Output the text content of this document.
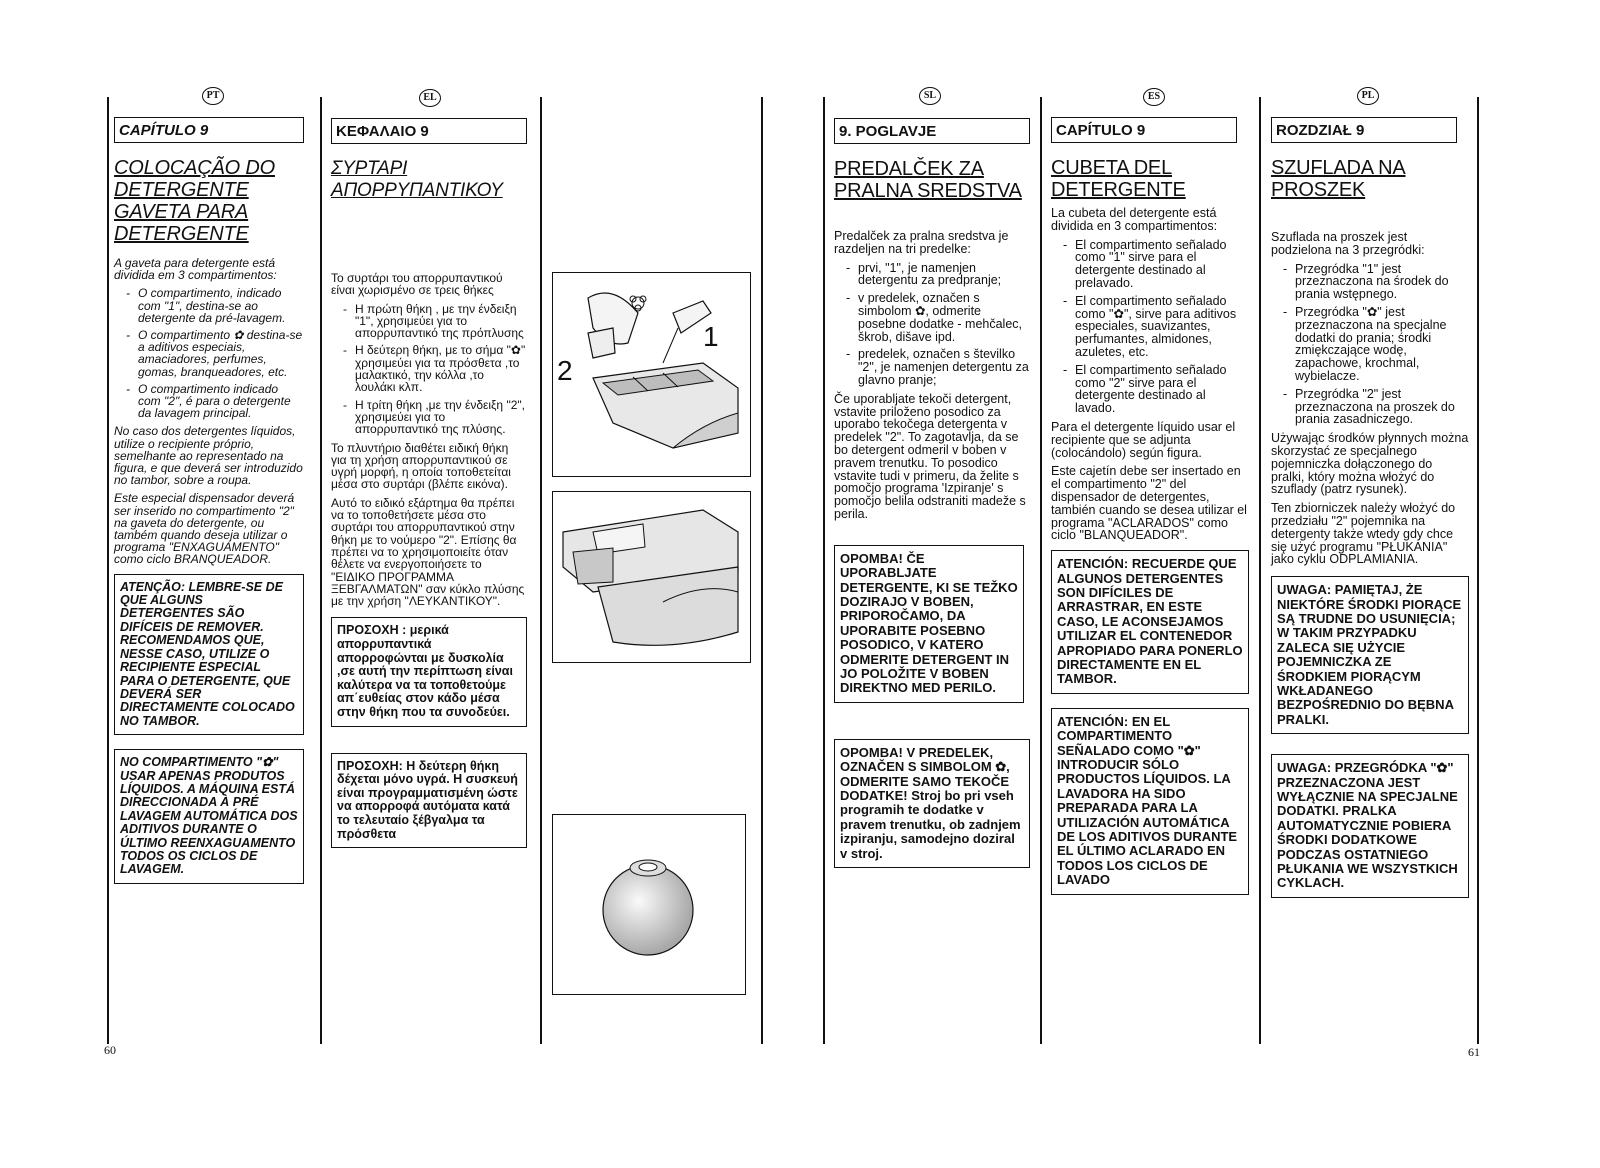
PT	EL	SL	ES	PL
CAPÍTULO 9
COLOCAÇÃO DO DETERGENTE GAVETA PARA DETERGENTE

A gaveta para detergente está dividida em 3 compartimentos:

- O compartimento, indicado com "1", destina-se ao detergente da pré-lavagem.
- O compartimento ✿ destina-se a aditivos especiais, amaciadores, perfumes, gomas, branqueadores, etc.
- O compartimento indicado com "2", é para o detergente da lavagem principal.

No caso dos detergentes líquidos, utilize o recipiente próprio, semelhante ao representado na figura, e que deverá ser introduzido no tambor, sobre a roupa.

Este especial dispensador deverá ser inserido no compartimento "2" na gaveta do detergente, ou também quando deseja utilizar o programa "ENXAGUAMENTO" como ciclo BRANQUEADOR.

ATENÇÃO: LEMBRE-SE DE QUE ALGUNS DETERGENTES SÃO DIFÍCEIS DE REMOVER. RECOMENDAMOS QUE, NESSE CASO, UTILIZE O RECIPIENTE ESPECIAL PARA O DETERGENTE, QUE DEVERÁ SER DIRECTAMENTE COLOCADO NO TAMBOR.
NO COMPARTIMENTO "✿" USAR APENAS PRODUTOS LÍQUIDOS. A MÁQUINA ESTÁ DIRECCIONADA À PRÉ LAVAGEM AUTOMÁTICA DOS ADITIVOS DURANTE O ÚLTIMO REENXAGUAMENTO TODOS OS CICLOS DE LAVAGEM.
ΚΕΦΑΛΑΙΟ 9
ΣΥΡΤΑΡΙ ΑΠΟΡΡΥΠΑΝΤΙΚΟΥ

Το συρτάρι του απορρυπαντικού είναι χωρισμένο σε τρεις θήκες

- Η πρώτη θήκη , με την ένδειξη "1", χρησιμεύει για το απορρυπαντικό της πρόπλυσης
- Η δεύτερη θήκη, με το σήμα "✿" χρησιμεύει για τα πρόσθετα ,το μαλακτικό, την κόλλα ,το λουλάκι κλπ.
- Η τρίτη θήκη ,με την ένδειξη "2", χρησιμεύει για το απορρυπαντικό της πλύσης.

Το πλυντήριο διαθέτει ειδική θήκη για τη χρήση απορρυπαντικού σε υγρή μορφή, η οποία τοποθετείται μέσα στο συρτάρι (βλέπε εικόνα).

Αυτό το ειδικό εξάρτημα θα πρέπει να το τοποθετήσετε μέσα στο συρτάρι του απορρυπαντικού στην θήκη με το νούμερο "2". Επίσης θα πρέπει να το χρησιμοποιείτε όταν θέλετε να ενεργοποιήσετε το "ΕΙΔΙΚΟ ΠΡΟΓΡΑΜΜΑ ΞΕΒΓΑΛΜΑΤΩΝ" σαν κύκλο πλύσης με την χρήση "ΛΕΥΚΑΝΤΙΚΟΥ".

ΠΡΟΣΟΧΗ : μερικά απορρυπαντικά απορροφώνται με δυσκολία ,σε αυτή την περίπτωση είναι καλύτερα να τα τοποθετούμε απ΄ευθείας στον κάδο μέσα στην θήκη που τα συνοδεύει.
ΠΡΟΣΟΧΗ: Η δεύτερη θήκη δέχεται μόνο υγρά. Η συσκευή είναι προγραμματισμένη ώστε να απορροφά αυτόματα κατά το τελευταίο ξέβγαλμα τα πρόσθετα
1
2
9. POGLAVJE
PREDALČEK ZA PRALNA SREDSTVA

Predalček za pralna sredstva je razdeljen na tri predelke:

- prvi, "1", je namenjen detergentu za predpranje;
- v predelek, označen s simbolom ✿, odmerite posebne dodatke - mehčalec, škrob, dišave ipd.
- predelek, označen s številko "2", je namenjen detergentu za glavno pranje;

Če uporabljate tekoči detergent, vstavite priloženo posodico za uporabo tekočega detergenta v predelek "2". To zagotavlja, da se bo detergent odmeril v boben v pravem trenutku. To posodico vstavite tudi v primeru, da želite s pomočjo programa 'Izpiranje' s pomočjo belila odstraniti madeže s perila.

OPOMBA! ČE UPORABLJATE DETERGENTE, KI SE TEŽKO DOZIRAJO V BOBEN, PRIPOROČAMO, DA UPORABITE POSEBNO POSODICO, V KATERO ODMERITE DETERGENT IN JO POLOŽITE V BOBEN DIREKTNO MED PERILO.
OPOMBA! V PREDELEK, OZNAČEN S SIMBOLOM ✿, ODMERITE SAMO TEKOČE DODATKE! Stroj bo pri vseh programih te dodatke v pravem trenutku, ob zadnjem izpiranju, samodejno doziral v stroj.
CAPÍTULO 9
CUBETA DEL DETERGENTE

La cubeta del detergente está dividida en 3 compartimentos:

- El compartimento señalado como "1" sirve para el detergente destinado al prelavado.
- El compartimento señalado como "✿", sirve para aditivos especiales, suavizantes, perfumantes, almidones, azuletes, etc.
- El compartimento señalado como "2" sirve para el detergente destinado al lavado.

Para el detergente líquido usar el recipiente que se adjunta (colocándolo) según figura.

Este cajetín debe ser insertado en el compartimento "2" del dispensador de detergentes, también cuando se desea utilizar el programa "ACLARADOS" como ciclo "BLANQUEADOR".

ATENCIÓN: RECUERDE QUE ALGUNOS DETERGENTES SON DIFÍCILES DE ARRASTRAR, EN ESTE CASO, LE ACONSEJAMOS UTILIZAR EL CONTENEDOR APROPIADO PARA PONERLO DIRECTAMENTE EN EL TAMBOR.
ATENCIÓN: EN EL COMPARTIMENTO SEÑALADO COMO "✿" INTRODUCIR SÓLO PRODUCTOS LÍQUIDOS. LA LAVADORA HA SIDO PREPARADA PARA LA UTILIZACIÓN AUTOMÁTICA DE LOS ADITIVOS DURANTE EL ÚLTIMO ACLARADO EN TODOS LOS CICLOS DE LAVADO
ROZDZIAŁ 9
SZUFLADA NA PROSZEK

Szuflada na proszek jest podzielona na 3 przegródki:

- Przegródka "1" jest przeznaczona na środek do prania wstępnego.
- Przegródka "✿" jest przeznaczona na specjalne dodatki do prania; środki zmiękczające wodę, zapachowe, krochmal, wybielacze.
- Przegródka "2" jest przeznaczona na proszek do prania zasadniczego.

Używając środków płynnych można skorzystać ze specjalnego pojemniczka dołączonego do pralki, który można włożyć do szuflady (patrz rysunek).

Ten zbiorniczek należy włożyć do przedziału "2" pojemnika na detergenty także wtedy gdy chce się użyć programu "PŁUKANIA" jako cyklu ODPLAMIANIA.

UWAGA: PAMIĘTAJ, ŻE NIEKTÓRE ŚRODKI PIORĄCE SĄ TRUDNE DO USUNIĘCIA; W TAKIM PRZYPADKU ZALECA SIĘ UŻYCIE POJEMNICZKA ZE ŚRODKIEM PIORĄCYM WKŁADANEGO BEZPOŚREDNIO DO BĘBNA PRALKI.
UWAGA: PRZEGRÓDKA "✿" PRZEZNACZONA JEST WYŁĄCZNIE NA SPECJALNE DODATKI. PRALKA AUTOMATYCZNIE POBIERA ŚRODKI DODATKOWE PODCZAS OSTATNIEGO PŁUKANIA WE WSZYSTKICH CYKLACH.
60	61
